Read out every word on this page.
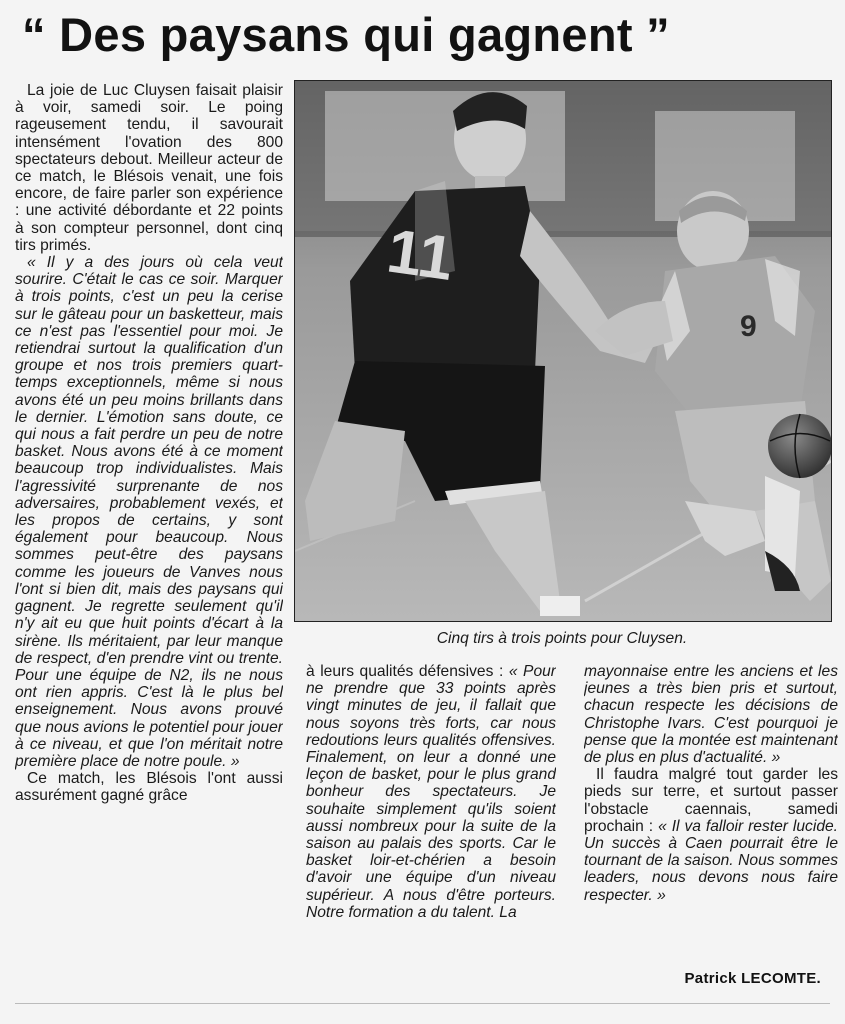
“ Des paysans qui gagnent ”

La joie de Luc Cluysen faisait plaisir à voir, samedi soir. Le poing rageusement tendu, il savourait intensément l'ovation des 800 spectateurs debout. Meilleur acteur de ce match, le Blésois venait, une fois encore, de faire parler son expérience : une activité débordante et 22 points à son compteur personnel, dont cinq tirs primés.

« Il y a des jours où cela veut sourire. C'était le cas ce soir. Marquer à trois points, c'est un peu la cerise sur le gâteau pour un basketteur, mais ce n'est pas l'essentiel pour moi. Je retiendrai surtout la qualification d'un groupe et nos trois premiers quart-temps exceptionnels, même si nous avons été un peu moins brillants dans le dernier. L'émotion sans doute, ce qui nous a fait perdre un peu de notre basket. Nous avons été à ce moment beaucoup trop individualistes. Mais l'agressivité surprenante de nos adversaires, probablement vexés, et les propos de certains, y sont également pour beaucoup. Nous sommes peut-être des paysans comme les joueurs de Vanves nous l'ont si bien dit, mais des paysans qui gagnent. Je regrette seulement qu'il n'y ait eu que huit points d'écart à la sirène. Ils méritaient, par leur manque de respect, d'en prendre vint ou trente. Pour une équipe de N2, ils ne nous ont rien appris. C'est là le plus bel enseignement. Nous avons prouvé que nous avions le potentiel pour jouer à ce niveau, et que l'on méritait notre première place de notre poule. »

Ce match, les Blésois l'ont aussi assurément gagné grâce

11
9
Cinq tirs à trois points pour Cluysen.

à leurs qualités défensives : « Pour ne prendre que 33 points après vingt minutes de jeu, il fallait que nous soyons très forts, car nous redoutions leurs qualités offensives. Finalement, on leur a donné une leçon de basket, pour le plus grand bonheur des spectateurs. Je souhaite simplement qu'ils soient aussi nombreux pour la suite de la saison au palais des sports. Car le basket loir-et-chérien a besoin d'avoir une équipe d'un niveau supérieur. A nous d'être porteurs. Notre formation a du talent. La

mayonnaise entre les anciens et les jeunes a très bien pris et surtout, chacun respecte les décisions de Christophe Ivars. C'est pourquoi je pense que la montée est maintenant de plus en plus d'actualité. »

Il faudra malgré tout garder les pieds sur terre, et surtout passer l'obstacle caennais, samedi prochain : « Il va falloir rester lucide. Un succès à Caen pourrait être le tournant de la saison. Nous sommes leaders, nous devons nous faire respecter. »

Patrick LECOMTE.
